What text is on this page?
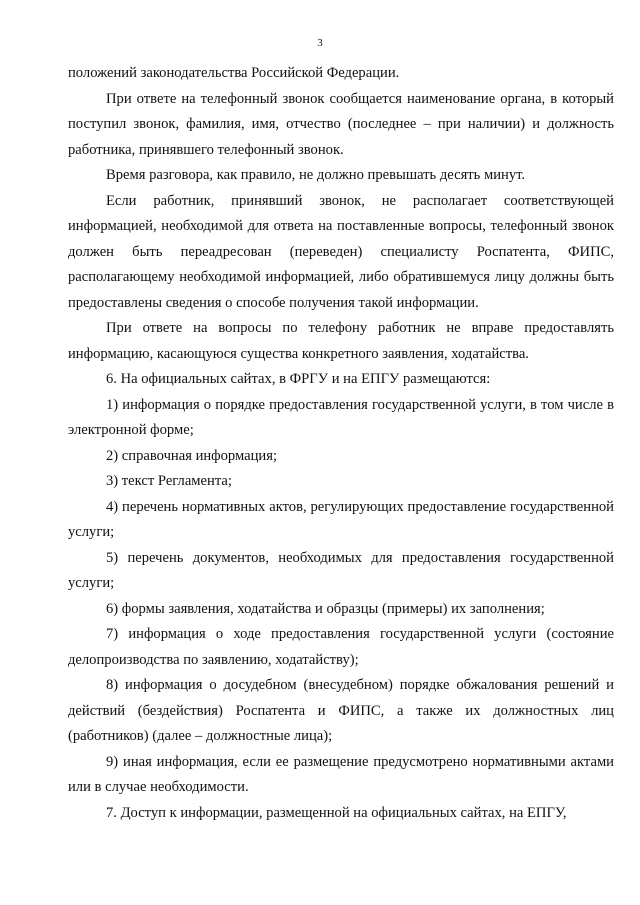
3

положений законодательства Российской Федерации.

При ответе на телефонный звонок сообщается наименование органа, в который поступил звонок, фамилия, имя, отчество (последнее – при наличии) и должность работника, принявшего телефонный звонок.

Время разговора, как правило, не должно превышать десять минут.

Если работник, принявший звонок, не располагает соответствующей информацией, необходимой для ответа на поставленные вопросы, телефонный звонок должен быть переадресован (переведен) специалисту Роспатента, ФИПС, располагающему необходимой информацией, либо обратившемуся лицу должны быть предоставлены сведения о способе получения такой информации.

При ответе на вопросы по телефону работник не вправе предоставлять информацию, касающуюся существа конкретного заявления, ходатайства.

6. На официальных сайтах, в ФРГУ и на ЕПГУ размещаются:

1) информация о порядке предоставления государственной услуги, в том числе в электронной форме;

2) справочная информация;

3) текст Регламента;

4) перечень нормативных актов, регулирующих предоставление государственной услуги;

5) перечень документов, необходимых для предоставления государственной услуги;

6) формы заявления, ходатайства и образцы (примеры) их заполнения;

7) информация о ходе предоставления государственной услуги (состояние делопроизводства по заявлению, ходатайству);

8) информация о досудебном (внесудебном) порядке обжалования решений и действий (бездействия) Роспатента и ФИПС, а также их должностных лиц (работников) (далее – должностные лица);

9) иная информация, если ее размещение предусмотрено нормативными актами или в случае необходимости.

7. Доступ к информации, размещенной на официальных сайтах, на ЕПГУ,
